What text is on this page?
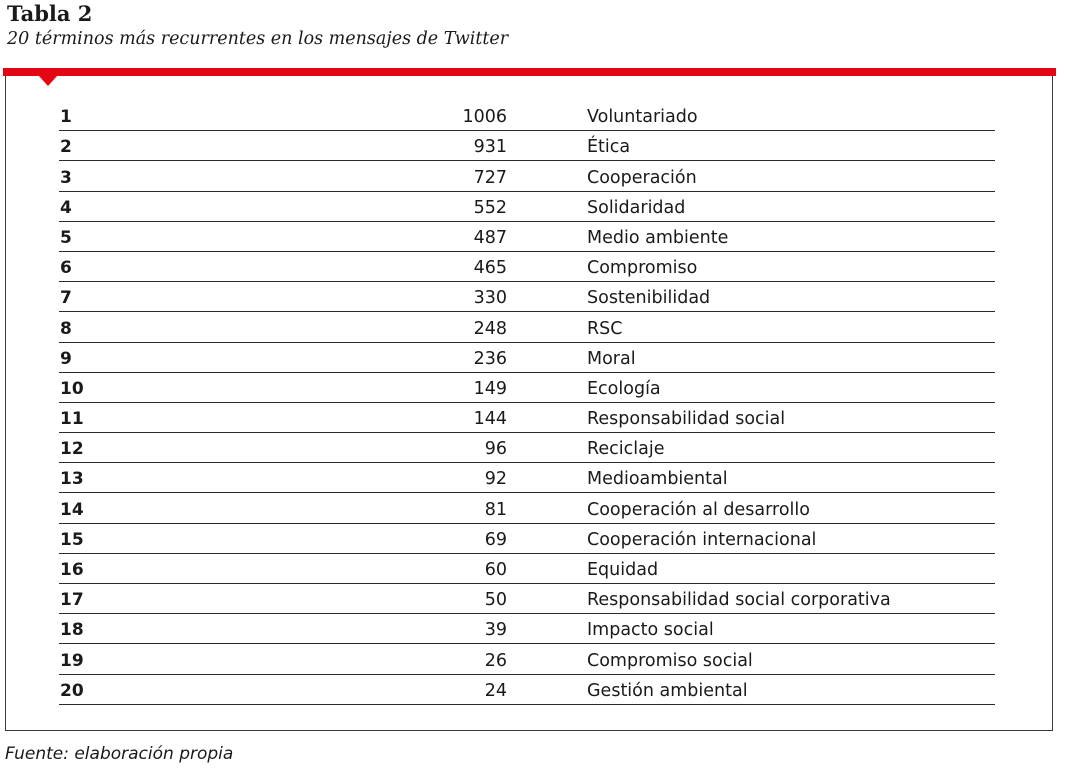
Tabla 2
20 términos más recurrentes en los mensajes de Twitter
1	1006	Voluntariado
2	931	Ética
3	727	Cooperación
4	552	Solidaridad
5	487	Medio ambiente
6	465	Compromiso
7	330	Sostenibilidad
8	248	RSC
9	236	Moral
10	149	Ecología
11	144	Responsabilidad social
12	96	Reciclaje
13	92	Medioambiental
14	81	Cooperación al desarrollo
15	69	Cooperación internacional
16	60	Equidad
17	50	Responsabilidad social corporativa
18	39	Impacto social
19	26	Compromiso social
20	24	Gestión ambiental
Fuente: elaboración propia
